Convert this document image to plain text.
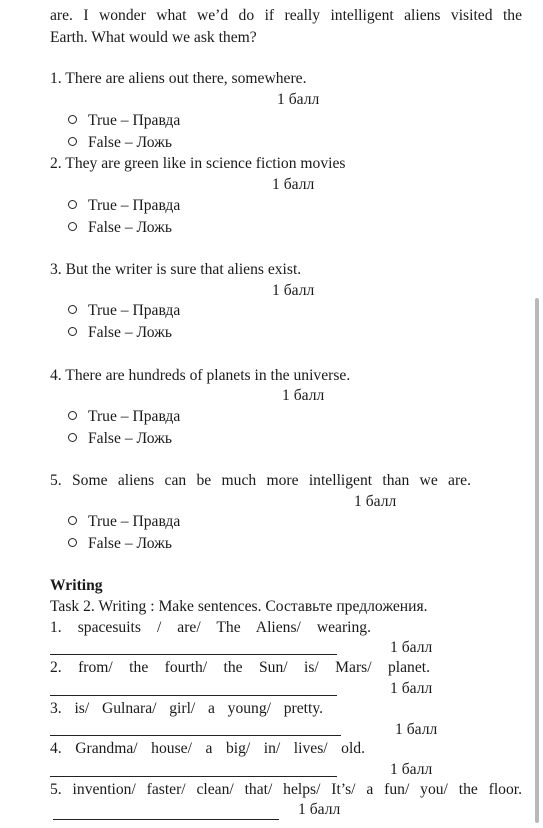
are. I wonder what we’d do if really intelligent aliens visited the
Earth. What would we ask them?
1. There are aliens out there, somewhere.
1 балл
True – Правда
False – Ложь
2. They are green like in science fiction movies
1 балл
True – Правда
False – Ложь
3. But the writer is sure that aliens exist.
1 балл
True – Правда
False – Ложь
4. There are hundreds of planets in the universe.
1 балл
True – Правда
False – Ложь
5. Some aliens can be much more intelligent than we are.
1 балл
True – Правда
False – Ложь
Writing
Task 2. Writing : Make sentences. Составьте предложения.
1. spacesuits / are/ The Aliens/ wearing.
1 балл
2. from/ the fourth/ the Sun/ is/ Mars/ planet.
1 балл
3. is/ Gulnara/ girl/ a young/ pretty.
1 балл
4. Grandma/ house/ a big/ in/ lives/ old.
1 балл
5. invention/ faster/ clean/ that/ helps/ It’s/ a fun/ you/ the floor.
1 балл
